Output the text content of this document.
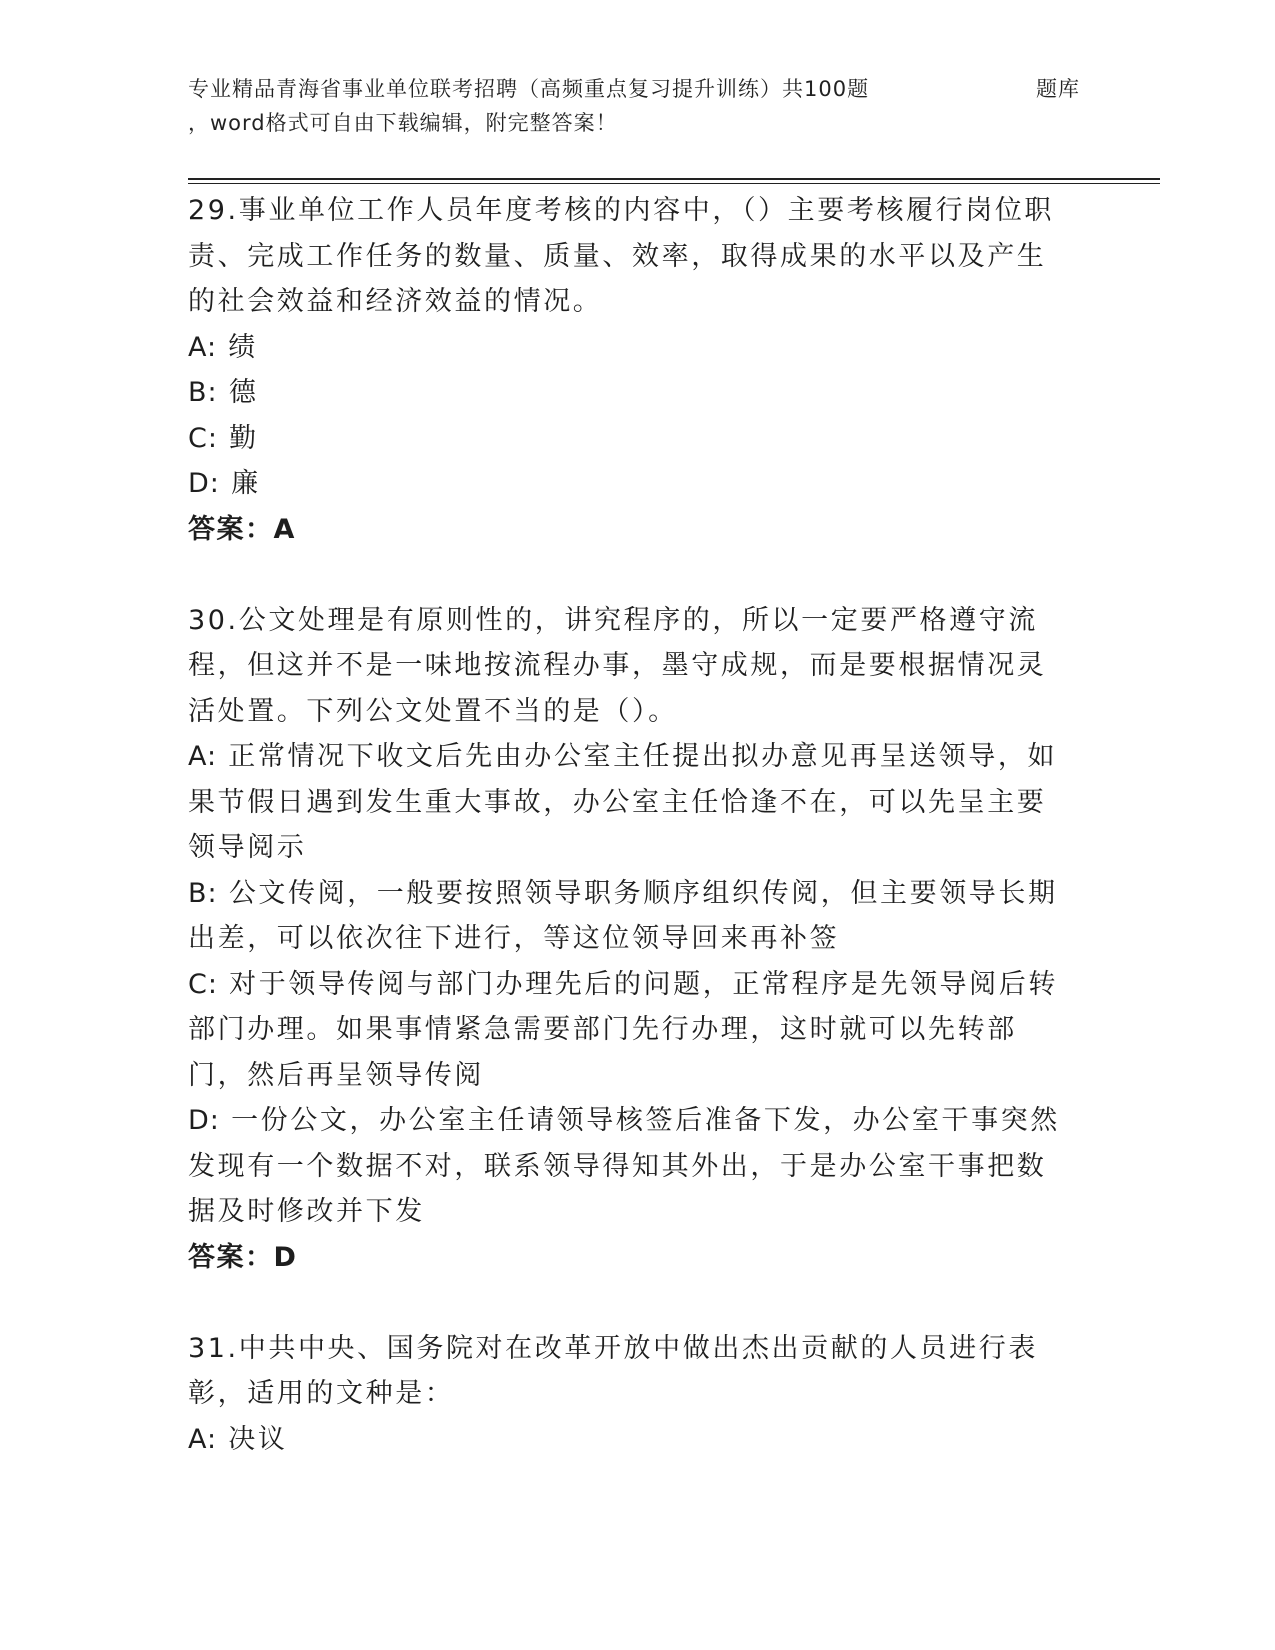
专业精品青海省事业单位联考招聘（高频重点复习提升训练）共100题	题库
，word格式可自由下载编辑，附完整答案！
29.事业单位工作人员年度考核的内容中，（）主要考核履行岗位职责、完成工作任务的数量、质量、效率，取得成果的水平以及产生的社会效益和经济效益的情况。
A: 绩
B: 德
C: 勤
D: 廉
答案：A
30.公文处理是有原则性的，讲究程序的，所以一定要严格遵守流程，但这并不是一味地按流程办事，墨守成规，而是要根据情况灵活处置。下列公文处置不当的是（）。
A: 正常情况下收文后先由办公室主任提出拟办意见再呈送领导，如果节假日遇到发生重大事故，办公室主任恰逢不在，可以先呈主要领导阅示
B: 公文传阅，一般要按照领导职务顺序组织传阅，但主要领导长期出差，可以依次往下进行，等这位领导回来再补签
C: 对于领导传阅与部门办理先后的问题，正常程序是先领导阅后转部门办理。如果事情紧急需要部门先行办理，这时就可以先转部门，然后再呈领导传阅
D: 一份公文，办公室主任请领导核签后准备下发，办公室干事突然发现有一个数据不对，联系领导得知其外出，于是办公室干事把数据及时修改并下发
答案：D
31.中共中央、国务院对在改革开放中做出杰出贡献的人员进行表彰，适用的文种是：
A: 决议
